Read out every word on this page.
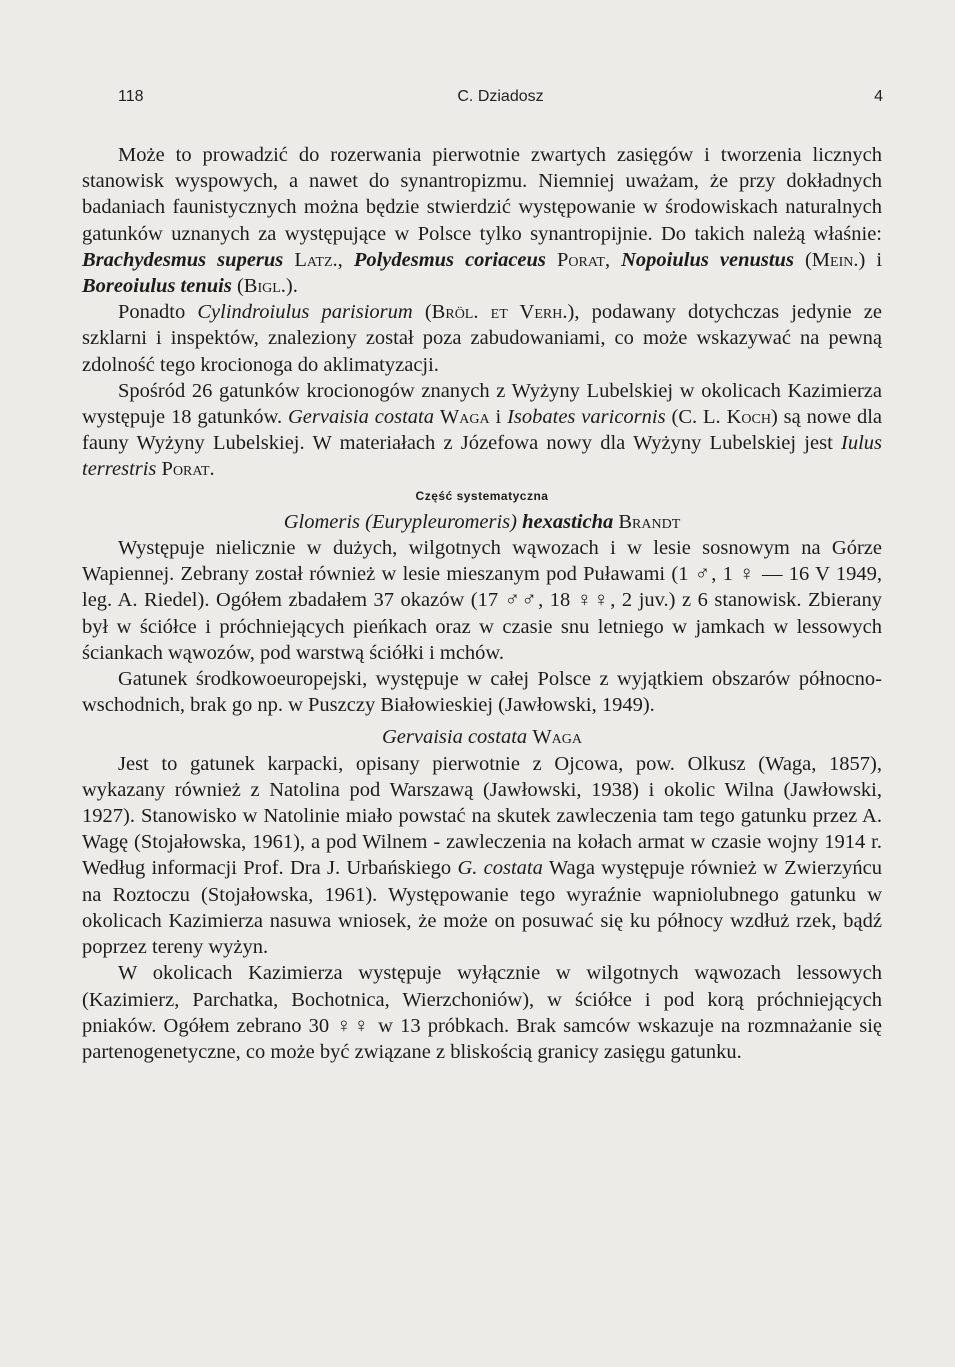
118	C. Dziadosz	4

Może to prowadzić do rozerwania pierwotnie zwartych zasięgów i tworzenia licznych stanowisk wyspowych, a nawet do synantropizmu. Niemniej uważam, że przy dokładnych badaniach faunistycznych można będzie stwierdzić występowanie w środowiskach naturalnych gatunków uznanych za występujące w Polsce tylko synantropijnie. Do takich należą właśnie: Brachydesmus superus Latz., Polydesmus coriaceus Porat, Nopoiulus venustus (Mein.) i Boreoiulus tenuis (Bigl.).

Ponadto Cylindroiulus parisiorum (Bröl. et Verh.), podawany dotychczas jedynie ze szklarni i inspektów, znaleziony został poza zabudowaniami, co może wskazywać na pewną zdolność tego krocionoga do aklimatyzacji.

Spośród 26 gatunków krocionogów znanych z Wyżyny Lubelskiej w okolicach Kazimierza występuje 18 gatunków. Gervaisia costata Waga i Isobates varicornis (C. L. Koch) są nowe dla fauny Wyżyny Lubelskiej. W materiałach z Józefowa nowy dla Wyżyny Lubelskiej jest Iulus terrestris Porat.

Część systematyczna

Glomeris (Eurypleuromeris) hexasticha Brandt

Występuje nielicznie w dużych, wilgotnych wąwozach i w lesie sosnowym na Górze Wapiennej. Zebrany został również w lesie mieszanym pod Puławami (1 ♂, 1 ♀ — 16 V 1949, leg. A. Riedel). Ogółem zbadałem 37 okazów (17 ♂♂, 18 ♀♀, 2 juv.) z 6 stanowisk. Zbierany był w ściółce i próchniejących pieńkach oraz w czasie snu letniego w jamkach w lessowych ściankach wąwozów, pod warstwą ściółki i mchów.

Gatunek środkowoeuropejski, występuje w całej Polsce z wyjątkiem obszarów północno-wschodnich, brak go np. w Puszczy Białowieskiej (Jawłowski, 1949).

Gervaisia costata Waga

Jest to gatunek karpacki, opisany pierwotnie z Ojcowa, pow. Olkusz (Waga, 1857), wykazany również z Natolina pod Warszawą (Jawłowski, 1938) i okolic Wilna (Jawłowski, 1927). Stanowisko w Natolinie miało powstać na skutek zawleczenia tam tego gatunku przez A. Wagę (Stojałowska, 1961), a pod Wilnem - zawleczenia na kołach armat w czasie wojny 1914 r. Według informacji Prof. Dra J. Urbańskiego G. costata Waga występuje również w Zwierzyńcu na Roztoczu (Stojałowska, 1961). Występowanie tego wyraźnie wapniolubnego gatunku w okolicach Kazimierza nasuwa wniosek, że może on posuwać się ku północy wzdłuż rzek, bądź poprzez tereny wyżyn.

W okolicach Kazimierza występuje wyłącznie w wilgotnych wąwozach lessowych (Kazimierz, Parchatka, Bochotnica, Wierzchoniów), w ściółce i pod korą próchniejących pniaków. Ogółem zebrano 30 ♀♀ w 13 próbkach. Brak samców wskazuje na rozmnażanie się partenogenetyczne, co może być związane z bliskością granicy zasięgu gatunku.
